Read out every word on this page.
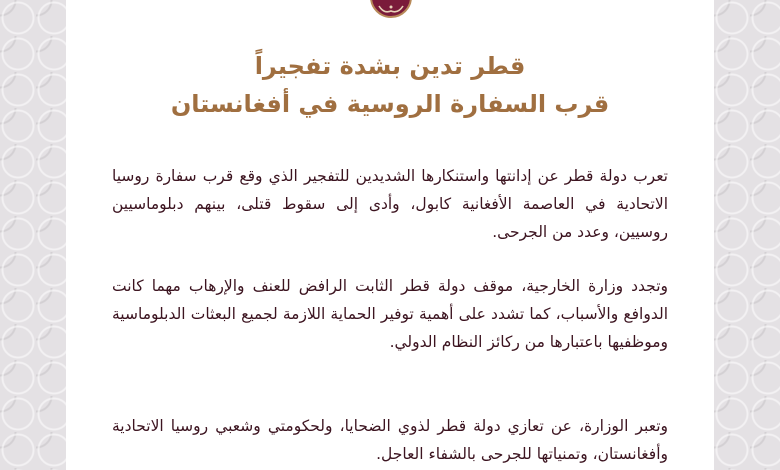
قطر تدين بشدة تفجيراً
قرب السفارة الروسية في أفغانستان

تعرب دولة قطر عن إدانتها واستنكارها الشديدين للتفجير الذي وقع قرب سفارة روسيا الاتحادية في العاصمة الأفغانية كابول، وأدى إلى سقوط قتلى، بينهم دبلوماسيين روسيين، وعدد من الجرحى.

وتجدد وزارة الخارجية، موقف دولة قطر الثابت الرافض للعنف والإرهاب مهما كانت الدوافع والأسباب، كما تشدد على أهمية توفير الحماية اللازمة لجميع البعثات الدبلوماسية وموظفيها باعتبارها من ركائز النظام الدولي.

وتعبر الوزارة، عن تعازي دولة قطر لذوي الضحايا، ولحكومتي وشعبي روسيا الاتحادية وأفغانستان، وتمنياتها للجرحى بالشفاء العاجل.
